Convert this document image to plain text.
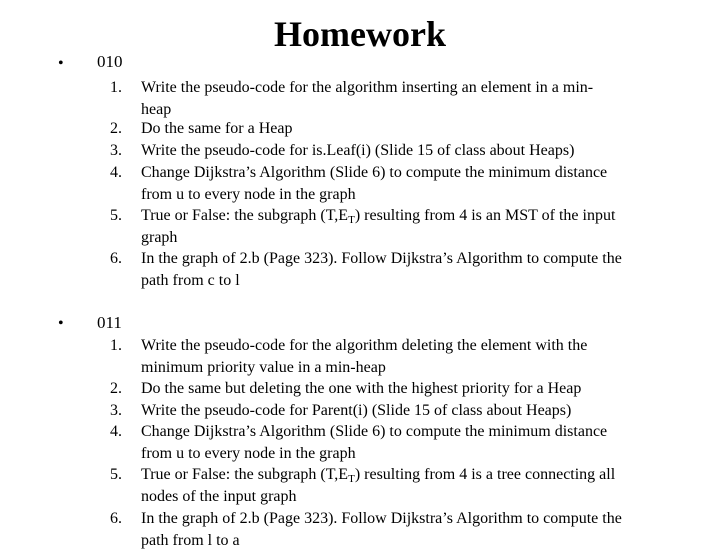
Homework
• 010
1. Write the pseudo-code for the algorithm inserting an element in a min-
heap
2. Do the same for a Heap
3. Write the pseudo-code for is.Leaf(i) (Slide 15 of class about Heaps)
4. Change Dijkstra’s Algorithm (Slide 6) to compute the minimum distance
from u to every node in the graph
5. True or False: the subgraph $(T,E_T)$ resulting from 4 is an MST of the input
graph
6. In the graph of 2.b (Page 323). Follow Dijkstra’s Algorithm to compute the
path from c to l
• 011
1. Write the pseudo-code for the algorithm deleting the element with the
minimum priority value in a min-heap
2. Do the same but deleting the one with the highest priority for a Heap
3. Write the pseudo-code for Parent(i) (Slide 15 of class about Heaps)
4. Change Dijkstra’s Algorithm (Slide 6) to compute the minimum distance
from u to every node in the graph
5. True or False: the subgraph $(T,E_T)$ resulting from 4 is a tree connecting all
nodes of the input graph
6. In the graph of 2.b (Page 323). Follow Dijkstra’s Algorithm to compute the
path from l to a
